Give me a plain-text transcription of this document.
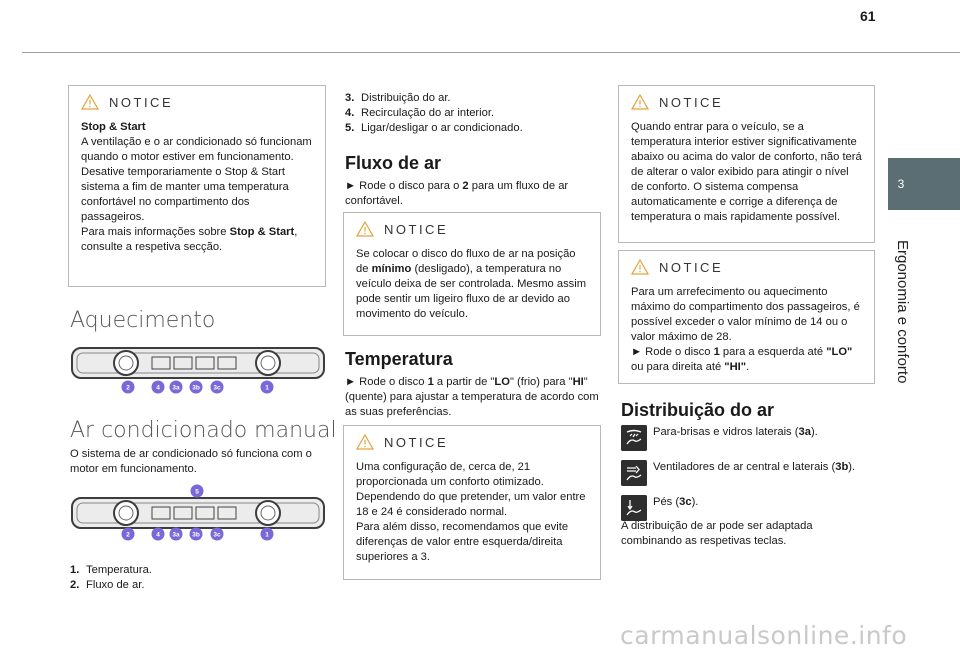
61
3
Ergonomia e conforto
NOTICE

Stop & Start

A ventilação e o ar condicionado só funcionam quando o motor estiver em funcionamento.

Desative temporariamente o Stop & Start sistema a fim de manter uma temperatura confortável no compartimento dos passageiros.

Para mais informações sobre Stop & Start, consulte a respetiva secção.

Aquecimento
2	4 3a 3b 3c	1
Ar condicionado manual
O sistema de ar condicionado só funciona com o motor em funcionamento.
5
2	4 3a 3b 3c	1
1. Temperatura.
2. Fluxo de ar.
3. Distribuição do ar.
4. Recirculação do ar interior.
5. Ligar/desligar o ar condicionado.
Fluxo de ar
► Rode o disco para o 2 para um fluxo de ar confortável.
NOTICE

Se colocar o disco do fluxo de ar na posição de mínimo (desligado), a temperatura no veículo deixa de ser controlada. Mesmo assim pode sentir um ligeiro fluxo de ar devido ao movimento do veículo.

Temperatura
► Rode o disco 1 a partir de "LO" (frio) para "HI" (quente) para ajustar a temperatura de acordo com as suas preferências.
NOTICE

Uma configuração de, cerca de, 21 proporcionada um conforto otimizado.

Dependendo do que pretender, um valor entre 18 e 24 é considerado normal.

Para além disso, recomendamos que evite diferenças de valor entre esquerda/direita superiores a 3.

NOTICE

Quando entrar para o veículo, se a temperatura interior estiver significativamente abaixo ou acima do valor de conforto, não terá de alterar o valor exibido para atingir o nível de conforto. O sistema compensa automaticamente e corrige a diferença de temperatura o mais rapidamente possível.

NOTICE

Para um arrefecimento ou aquecimento máximo do compartimento dos passageiros, é possível exceder o valor mínimo de 14 ou o valor máximo de 28.

► Rode o disco 1 para a esquerda até "LO" ou para direita até "HI".

Distribuição do ar
Para-brisas e vidros laterais (3a).
Ventiladores de ar central e laterais (3b).
Pés (3c).
A distribuição de ar pode ser adaptada combinando as respetivas teclas.
carmanualsonline.info
